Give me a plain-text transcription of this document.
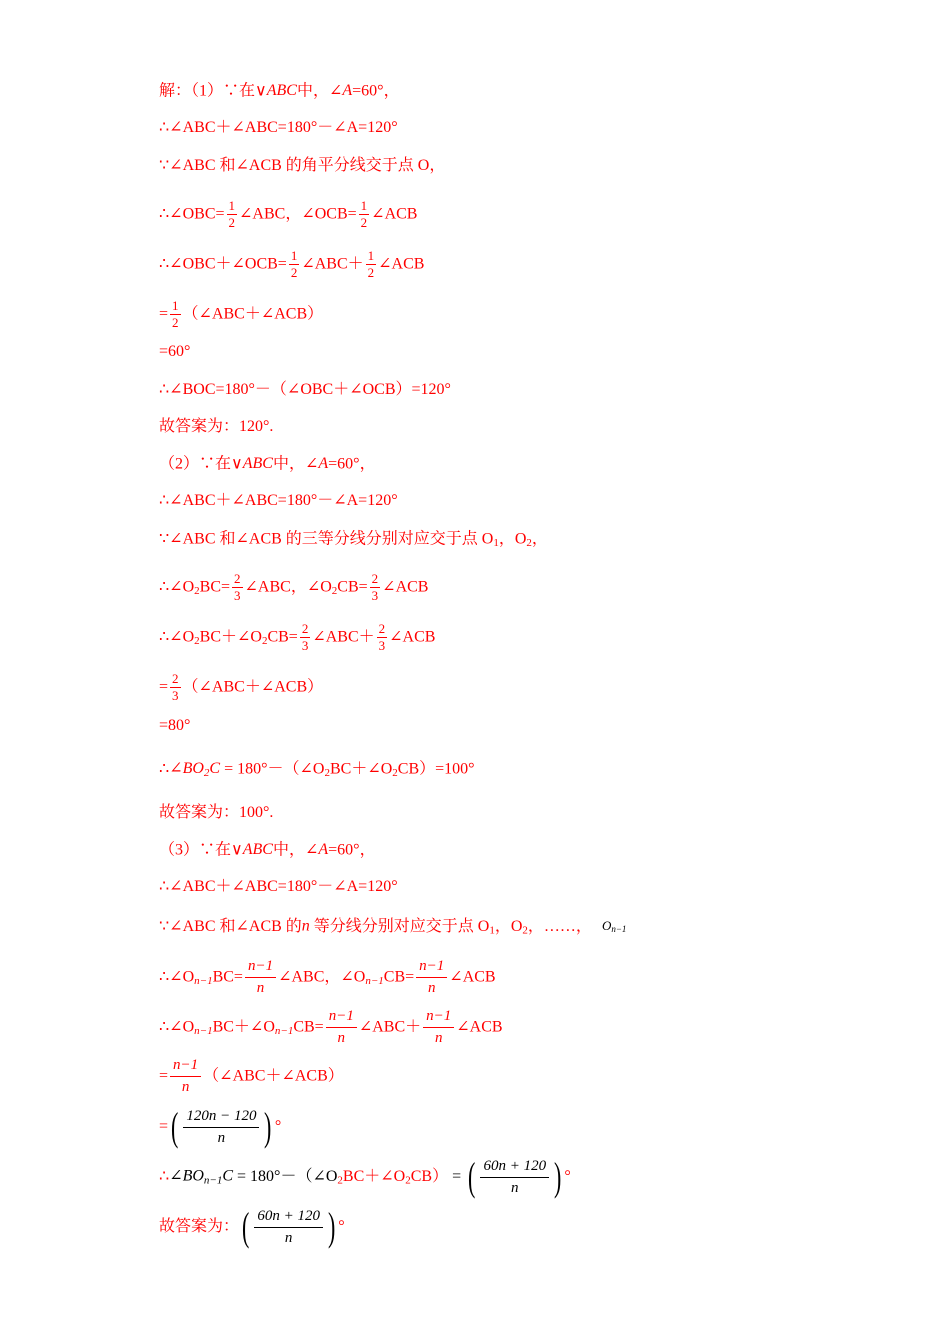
解：（1）∵在∨ABC中，∠A=60°，
∴∠ABC＋∠ABC=180°－∠A=120°
∵∠ABC 和∠ACB 的角平分线交于点 O，
∴∠OBC= $\frac{1}{2}$ ∠ABC，∠OCB= $\frac{1}{2}$ ∠ACB
∴∠OBC＋∠OCB= $\frac{1}{2}$ ∠ABC＋ $\frac{1}{2}$ ∠ACB
= $\frac{1}{2}$ （∠ABC＋∠ACB）
=60°
∴∠BOC=180°－（∠OBC＋∠OCB）=120°
故答案为：120°.
（2）∵在∨ABC中，∠A=60°，
∴∠ABC＋∠ABC=180°－∠A=120°
∵∠ABC 和∠ACB 的三等分线分别对应交于点 $O_1$，$O_2$，
$\therefore\angle O_2BC= \frac{2}{3}$ ∠ABC，$\angle O_2CB= \frac{2}{3}$ ∠ACB
$\therefore\angle O_2BC+\angle O_2CB= \frac{2}{3}$ ∠ABC＋ $\frac{2}{3}$ ∠ACB
= $\frac{2}{3}$ （∠ABC＋∠ACB）
=80°
$\therefore\angle BO_2C$ = $180^\circ-(\angle O_2BC+\angle O_2CB)=100^\circ$
故答案为：100°.
（3）∵在∨ABC中，∠A=60°，
∴∠ABC＋∠ABC=180°－∠A=120°
∵∠ABC 和∠ACB 的n 等分线分别对应交于点 $O_1$，$O_2$，……， $O_{n-1}$
$\therefore\angle O_{n-1}BC= \frac{n-1}{n}$ ∠ABC，$\angle O_{n-1}CB= \frac{n-1}{n}$ ∠ACB
$\therefore\angle O_{n-1}BC+\angle O_{n-1}CB= \frac{n-1}{n}$ ∠ABC＋ $\frac{n-1}{n}$ ∠ACB
= $\frac{n-1}{n}$ （∠ABC＋∠ACB）
= ( $\frac{120n - 120}{n}$ ) °
$\therefore\angle BO_{n-1}C$ = $180^\circ-(\angle O_2BC+\angle O_2CB)$ = ( $\frac{60n + 120}{n}$ ) °
故答案为： ( $\frac{60n + 120}{n}$ ) °
